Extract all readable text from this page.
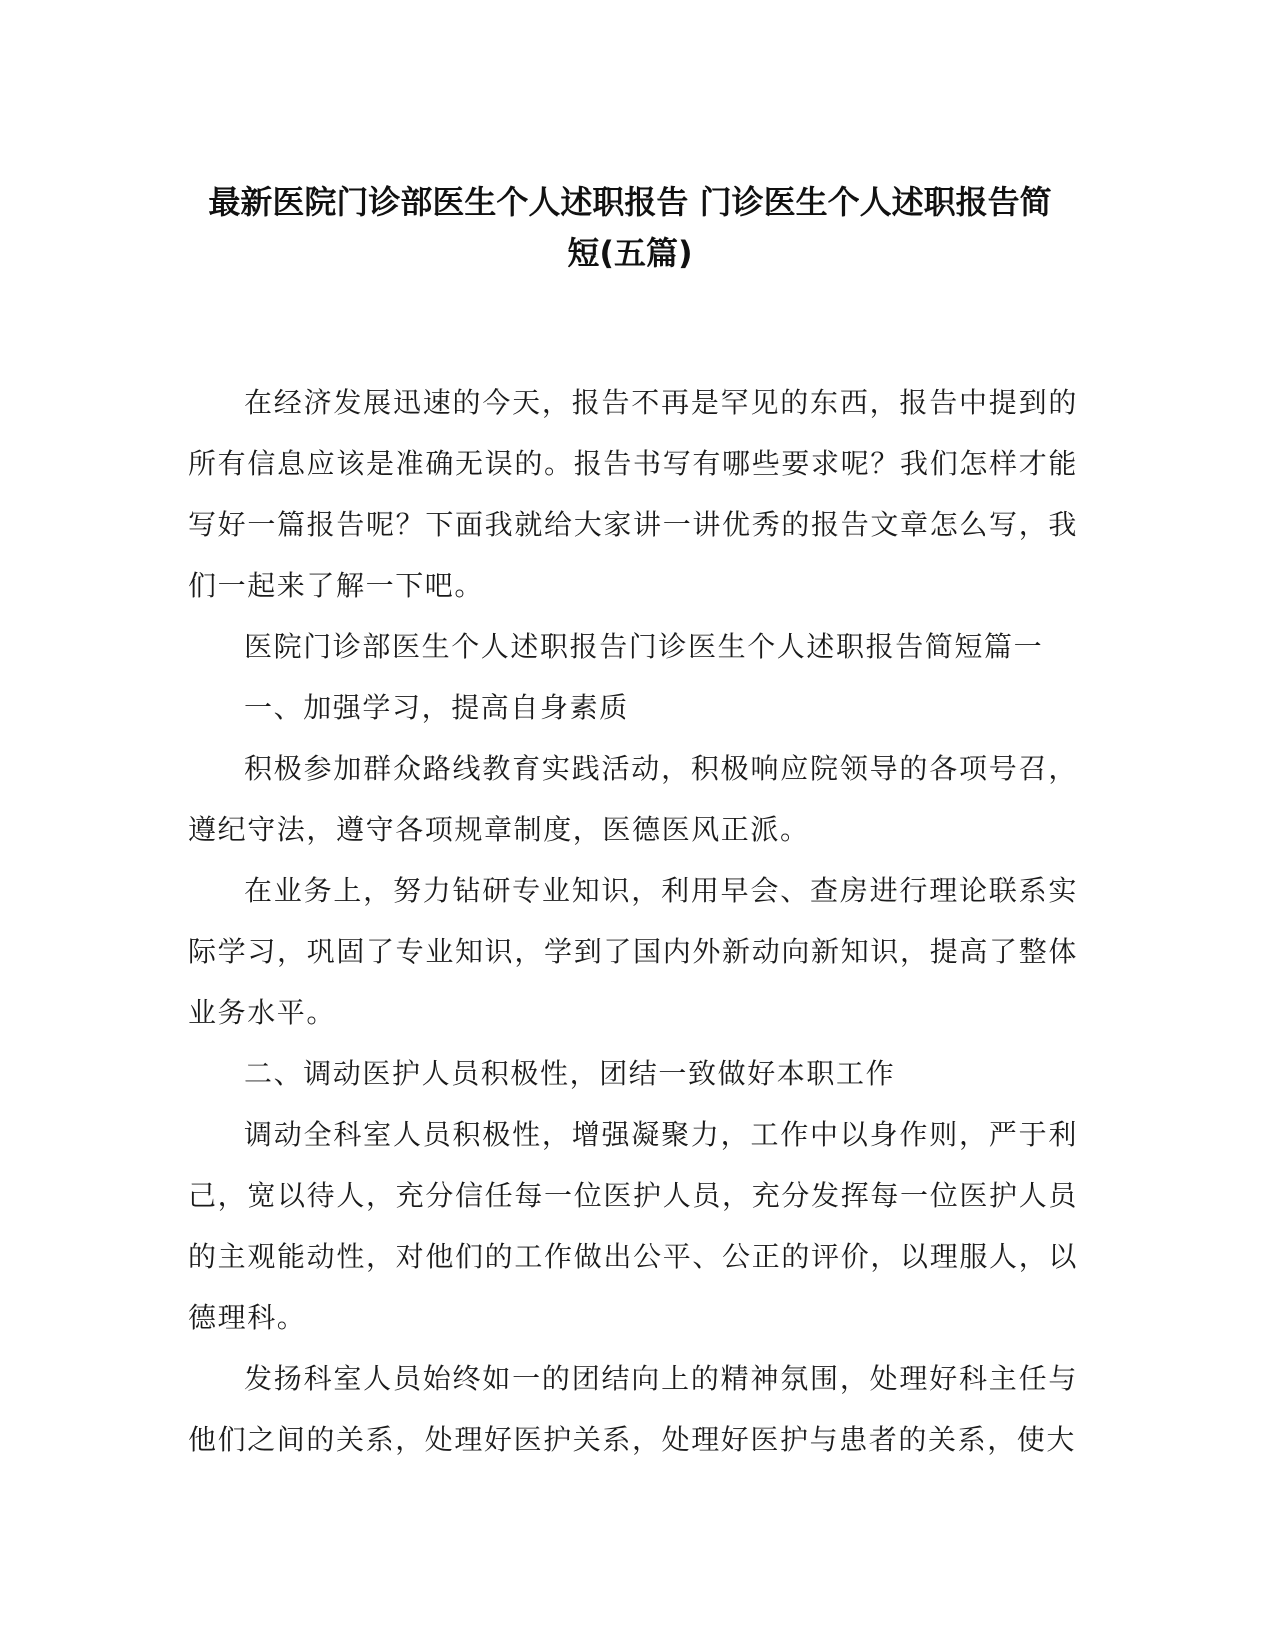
最新医院门诊部医生个人述职报告 门诊医生个人述职报告简
短(五篇)

在经济发展迅速的今天，报告不再是罕见的东西，报告中提到的所有信息应该是准确无误的。报告书写有哪些要求呢？我们怎样才能写好一篇报告呢？下面我就给大家讲一讲优秀的报告文章怎么写，我们一起来了解一下吧。

医院门诊部医生个人述职报告门诊医生个人述职报告简短篇一

一、加强学习，提高自身素质

积极参加群众路线教育实践活动，积极响应院领导的各项号召，遵纪守法，遵守各项规章制度，医德医风正派。

在业务上，努力钻研专业知识，利用早会、查房进行理论联系实际学习，巩固了专业知识，学到了国内外新动向新知识，提高了整体业务水平。

二、调动医护人员积极性，团结一致做好本职工作

调动全科室人员积极性，增强凝聚力，工作中以身作则，严于利己，宽以待人，充分信任每一位医护人员，充分发挥每一位医护人员的主观能动性，对他们的工作做出公平、公正的评价，以理服人，以德理科。

发扬科室人员始终如一的团结向上的精神氛围，处理好科主任与他们之间的关系，处理好医护关系，处理好医护与患者的关系，使大
